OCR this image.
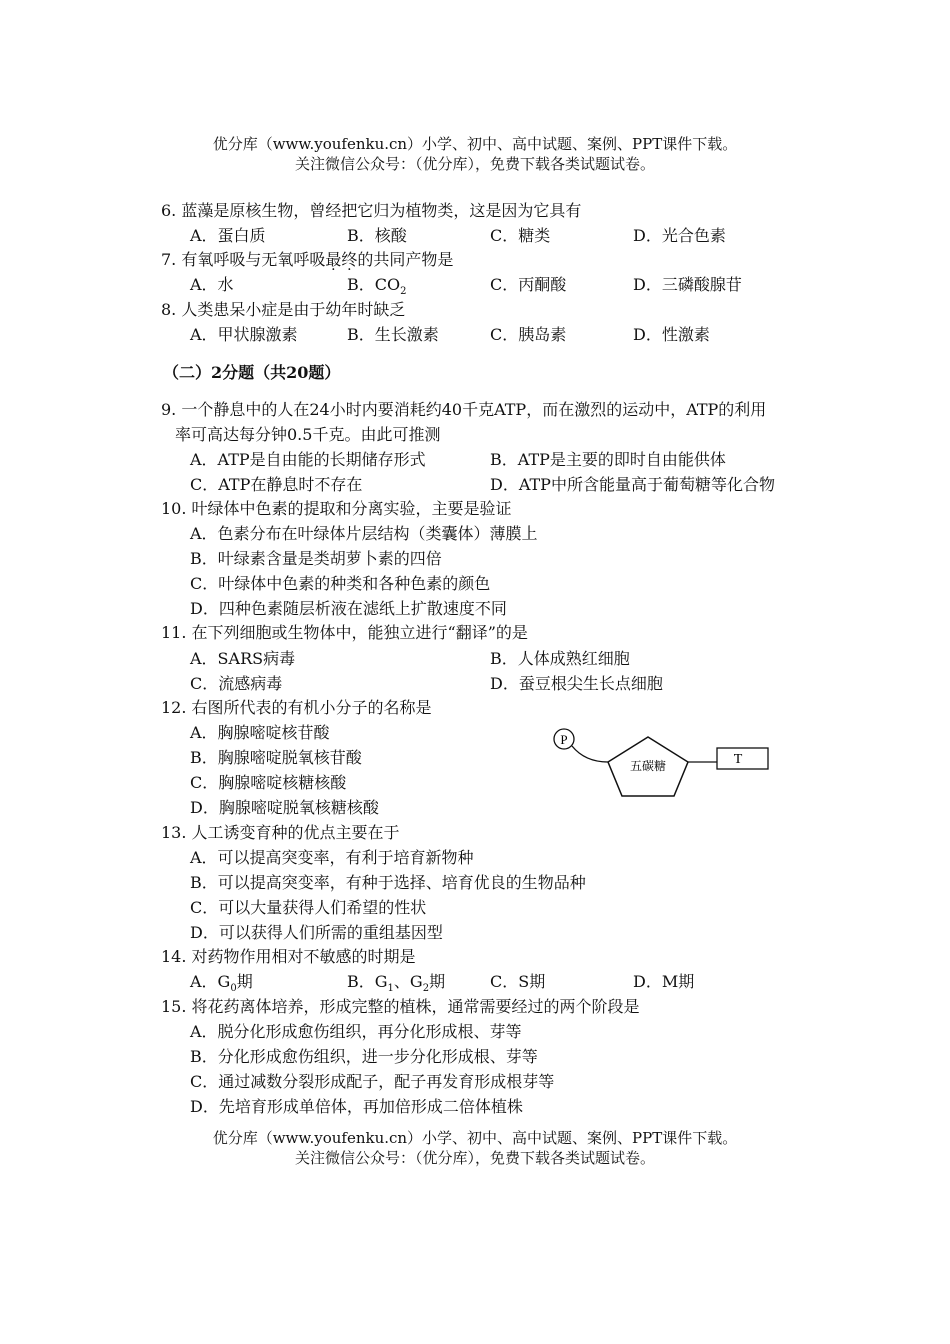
优分库（www.youfenku.cn）小学、初中、高中试题、案例、PPT课件下载。
关注微信公众号：（优分库），免费下载各类试题试卷。
6. 蓝藻是原核生物，曾经把它归为植物类，这是因为它具有
A．蛋白质	B．核酸	C．糖类	D．光合色素
7. 有氧呼吸与无氧呼吸最终的共同产物是
A．水	B．$CO_2$	C．丙酮酸	D．三磷酸腺苷
8. 人类患呆小症是由于幼年时缺乏
A．甲状腺激素	B．生长激素	C．胰岛素	D．性激素
（二）2分题（共20题）
9. 一个静息中的人在24小时内要消耗约40千克ATP，而在激烈的运动中，ATP的利用
率可高达每分钟0.5千克。由此可推测
A．ATP是自由能的长期储存形式	B．ATP是主要的即时自由能供体
C．ATP在静息时不存在	D．ATP中所含能量高于葡萄糖等化合物
10. 叶绿体中色素的提取和分离实验，主要是验证
A．色素分布在叶绿体片层结构（类囊体）薄膜上
B．叶绿素含量是类胡萝卜素的四倍
C．叶绿体中色素的种类和各种色素的颜色
D．四种色素随层析液在滤纸上扩散速度不同
11. 在下列细胞或生物体中，能独立进行“翻译”的是
A．SARS病毒	B．人体成熟红细胞
C．流感病毒	D．蚕豆根尖生长点细胞
12. 右图所代表的有机小分子的名称是
A．胸腺嘧啶核苷酸
B．胸腺嘧啶脱氧核苷酸
C．胸腺嘧啶核糖核酸
D．胸腺嘧啶脱氧核糖核酸
P
五碳糖	T
13. 人工诱变育种的优点主要在于
A．可以提高突变率，有利于培育新物种
B．可以提高突变率，有种于选择、培育优良的生物品种
C．可以大量获得人们希望的性状
D．可以获得人们所需的重组基因型
14. 对药物作用相对不敏感的时期是
A．$G_0$期	B．$G_1$、$G_2$期	C．S期	D．M期
15. 将花药离体培养，形成完整的植株，通常需要经过的两个阶段是
A．脱分化形成愈伤组织，再分化形成根、芽等
B．分化形成愈伤组织，进一步分化形成根、芽等
C．通过减数分裂形成配子，配子再发育形成根芽等
D．先培育形成单倍体，再加倍形成二倍体植株
优分库（www.youfenku.cn）小学、初中、高中试题、案例、PPT课件下载。
关注微信公众号：（优分库），免费下载各类试题试卷。
